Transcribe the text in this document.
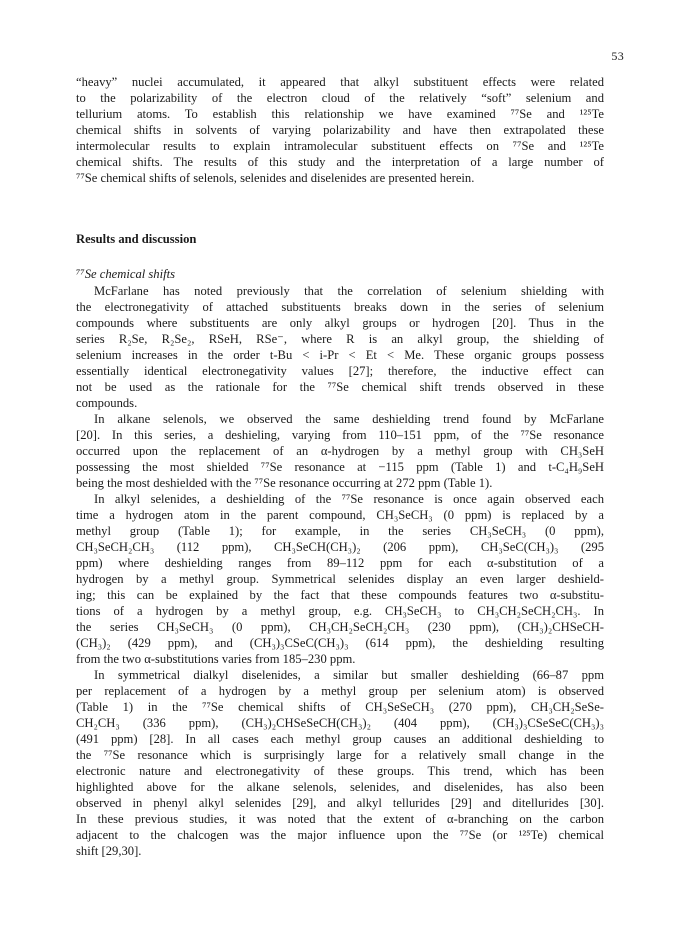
53
“heavy” nuclei accumulated, it appeared that alkyl substituent effects were related
to the polarizability of the electron cloud of the relatively “soft” selenium and
tellurium atoms. To establish this relationship we have examined ⁷⁷Se and ¹²⁵Te
chemical shifts in solvents of varying polarizability and have then extrapolated these
intermolecular results to explain intramolecular substituent effects on ⁷⁷Se and ¹²⁵Te
chemical shifts. The results of this study and the interpretation of a large number of
⁷⁷Se chemical shifts of selenols, selenides and diselenides are presented herein.
Results and discussion
⁷⁷Se chemical shifts
McFarlane has noted previously that the correlation of selenium shielding with
the electronegativity of attached substituents breaks down in the series of selenium
compounds where substituents are only alkyl groups or hydrogen [20]. Thus in the
series R₂Se, R₂Se₂, RSeH, RSe⁻, where R is an alkyl group, the shielding of
selenium increases in the order t-Bu < i-Pr < Et < Me. These organic groups possess
essentially identical electronegativity values [27]; therefore, the inductive effect can
not be used as the rationale for the ⁷⁷Se chemical shift trends observed in these
compounds.
In alkane selenols, we observed the same deshielding trend found by McFarlane
[20]. In this series, a deshieling, varying from 110–151 ppm, of the ⁷⁷Se resonance
occurred upon the replacement of an α-hydrogen by a methyl group with CH₃SeH
possessing the most shielded ⁷⁷Se resonance at −115 ppm (Table 1) and t-C₄H₉SeH
being the most deshielded with the ⁷⁷Se resonance occurring at 272 ppm (Table 1).
In alkyl selenides, a deshielding of the ⁷⁷Se resonance is once again observed each
time a hydrogen atom in the parent compound, CH₃SeCH₃ (0 ppm) is replaced by a
methyl group (Table 1); for example, in the series CH₃SeCH₃ (0 ppm),
CH₃SeCH₂CH₃ (112 ppm), CH₃SeCH(CH₃)₂ (206 ppm), CH₃SeC(CH₃)₃ (295
ppm) where deshielding ranges from 89–112 ppm for each α-substitution of a
hydrogen by a methyl group. Symmetrical selenides display an even larger deshield-
ing; this can be explained by the fact that these compounds features two α-substitu-
tions of a hydrogen by a methyl group, e.g. CH₃SeCH₃ to CH₃CH₂SeCH₂CH₃. In
the series CH₃SeCH₃ (0 ppm), CH₃CH₂SeCH₂CH₃ (230 ppm), (CH₃)₂CHSeCH-
(CH₃)₂ (429 ppm), and (CH₃)₃CSeC(CH₃)₃ (614 ppm), the deshielding resulting
from the two α-substitutions varies from 185–230 ppm.
In symmetrical dialkyl diselenides, a similar but smaller deshielding (66–87 ppm
per replacement of a hydrogen by a methyl group per selenium atom) is observed
(Table 1) in the ⁷⁷Se chemical shifts of CH₃SeSeCH₃ (270 ppm), CH₃CH₂SeSe-
CH₂CH₃ (336 ppm), (CH₃)₂CHSeSeCH(CH₃)₂ (404 ppm), (CH₃)₃CSeSeC(CH₃)₃
(491 ppm) [28]. In all cases each methyl group causes an additional deshielding to
the ⁷⁷Se resonance which is surprisingly large for a relatively small change in the
electronic nature and electronegativity of these groups. This trend, which has been
highlighted above for the alkane selenols, selenides, and diselenides, has also been
observed in phenyl alkyl selenides [29], and alkyl tellurides [29] and ditellurides [30].
In these previous studies, it was noted that the extent of α-branching on the carbon
adjacent to the chalcogen was the major influence upon the ⁷⁷Se (or ¹²⁵Te) chemical
shift [29,30].
